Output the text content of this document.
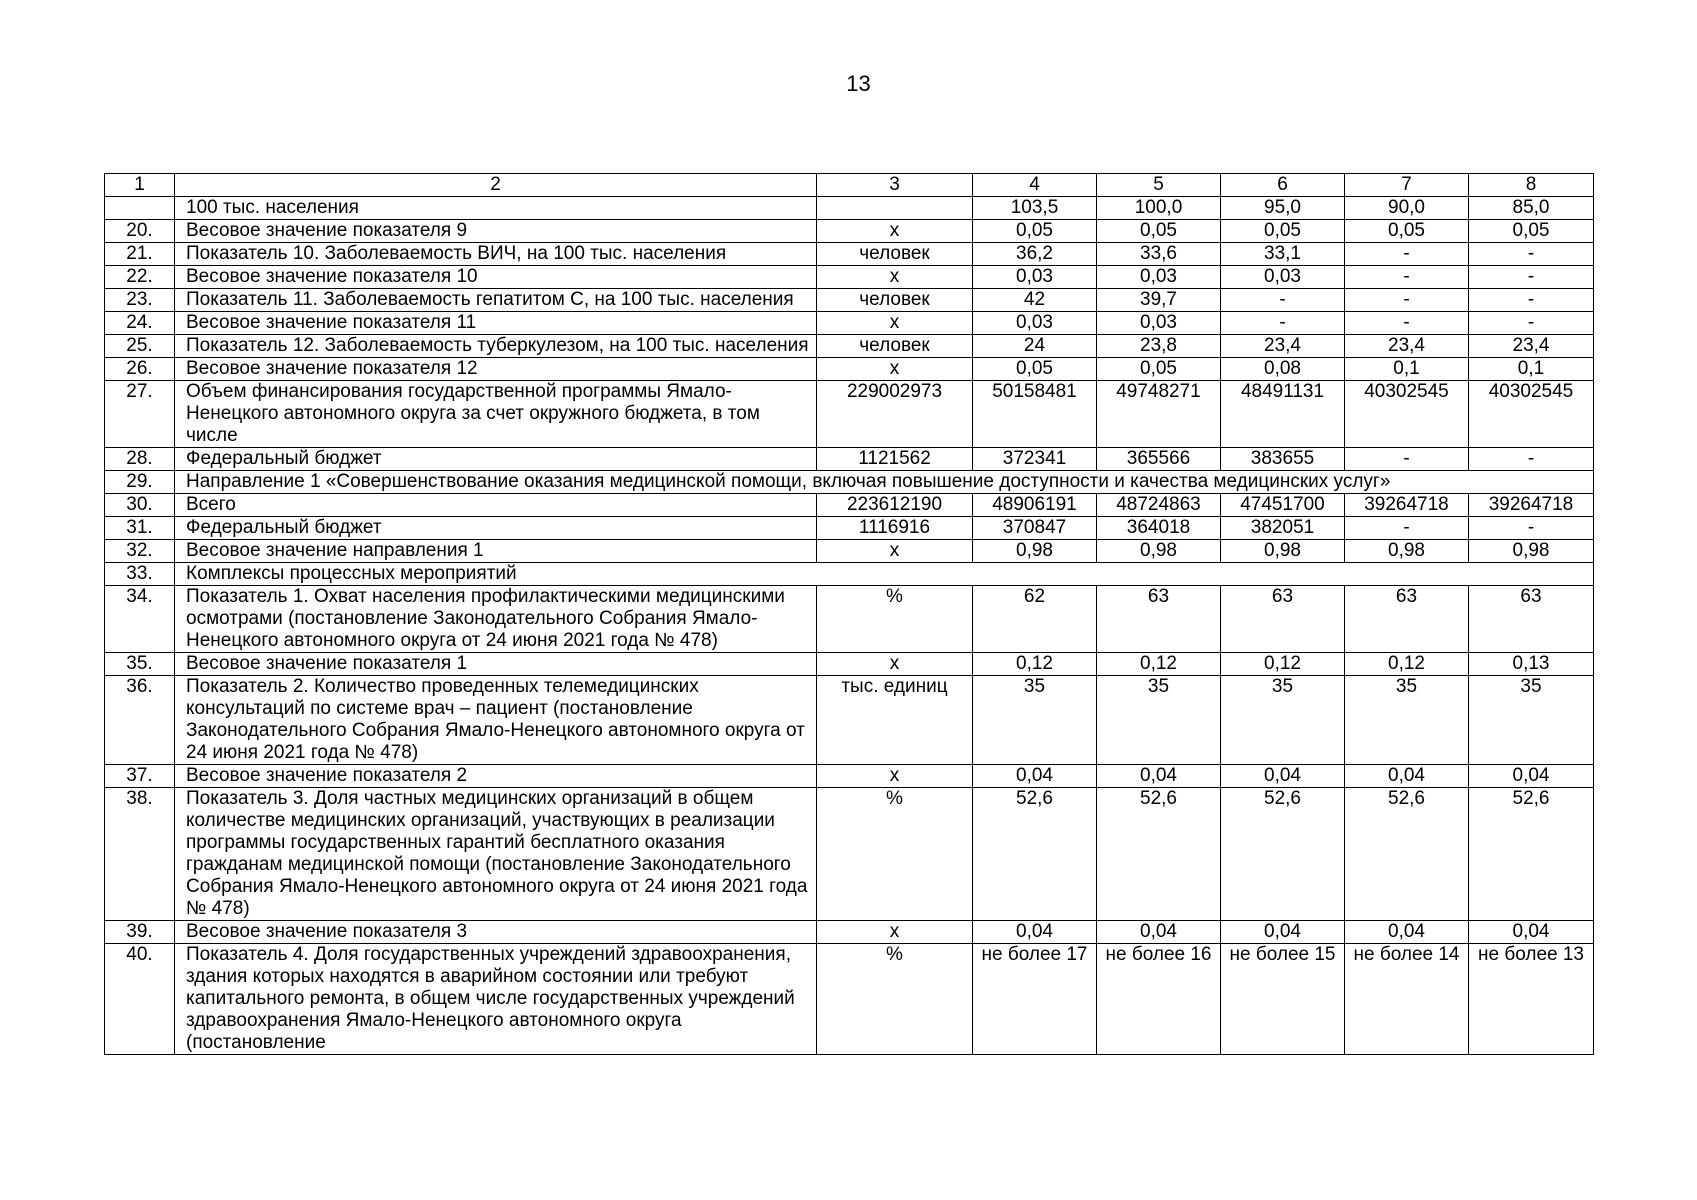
13
1	2	3	4	5	6	7	8
	100 тыс. населения		103,5	100,0	95,0	90,0	85,0
20.	Весовое значение показателя 9	х	0,05	0,05	0,05	0,05	0,05
21.	Показатель 10. Заболеваемость ВИЧ, на 100 тыс. населения	человек	36,2	33,6	33,1	-	-
22.	Весовое значение показателя 10	х	0,03	0,03	0,03	-	-
23.	Показатель 11. Заболеваемость гепатитом С, на 100 тыс. населения	человек	42	39,7	-	-	-
24.	Весовое значение показателя 11	х	0,03	0,03	-	-	-
25.	Показатель 12. Заболеваемость туберкулезом, на 100 тыс. населения	человек	24	23,8	23,4	23,4	23,4
26.	Весовое значение показателя 12	х	0,05	0,05	0,08	0,1	0,1
27.	Объем финансирования государственной программы Ямало-Ненецкого автономного округа за счет окружного бюджета, в том числе	229002973	50158481	49748271	48491131	40302545	40302545
28.	Федеральный бюджет	1121562	372341	365566	383655	-	-
29.	Направление 1 «Совершенствование оказания медицинской помощи, включая повышение доступности и качества медицинских услуг»						
30.	Всего	223612190	48906191	48724863	47451700	39264718	39264718
31.	Федеральный бюджет	1116916	370847	364018	382051	-	-
32.	Весовое значение направления 1	х	0,98	0,98	0,98	0,98	0,98
33.	Комплексы процессных мероприятий						
34.	Показатель 1. Охват населения профилактическими медицинскими осмотрами (постановление Законодательного Собрания Ямало-Ненецкого автономного округа от 24 июня 2021 года № 478)	%	62	63	63	63	63
35.	Весовое значение показателя 1	х	0,12	0,12	0,12	0,12	0,13
36.	Показатель 2. Количество проведенных телемедицинских консультаций по системе врач – пациент (постановление Законодательного Собрания Ямало-Ненецкого автономного округа от 24 июня 2021 года № 478)	тыс. единиц	35	35	35	35	35
37.	Весовое значение показателя 2	х	0,04	0,04	0,04	0,04	0,04
38.	Показатель 3. Доля частных медицинских организаций в общем количестве медицинских организаций, участвующих в реализации программы государственных гарантий бесплатного оказания гражданам медицинской помощи (постановление Законодательного Собрания Ямало-Ненецкого автономного округа от 24 июня 2021 года № 478)	%	52,6	52,6	52,6	52,6	52,6
39.	Весовое значение показателя 3	х	0,04	0,04	0,04	0,04	0,04
40.	Показатель 4. Доля государственных учреждений здравоохранения, здания которых находятся в аварийном состоянии или требуют капитального ремонта, в общем числе государственных учреждений здравоохранения Ямало-Ненецкого автономного округа (постановление	%	не более 17	не более 16	не более 15	не более 14	не более 13
